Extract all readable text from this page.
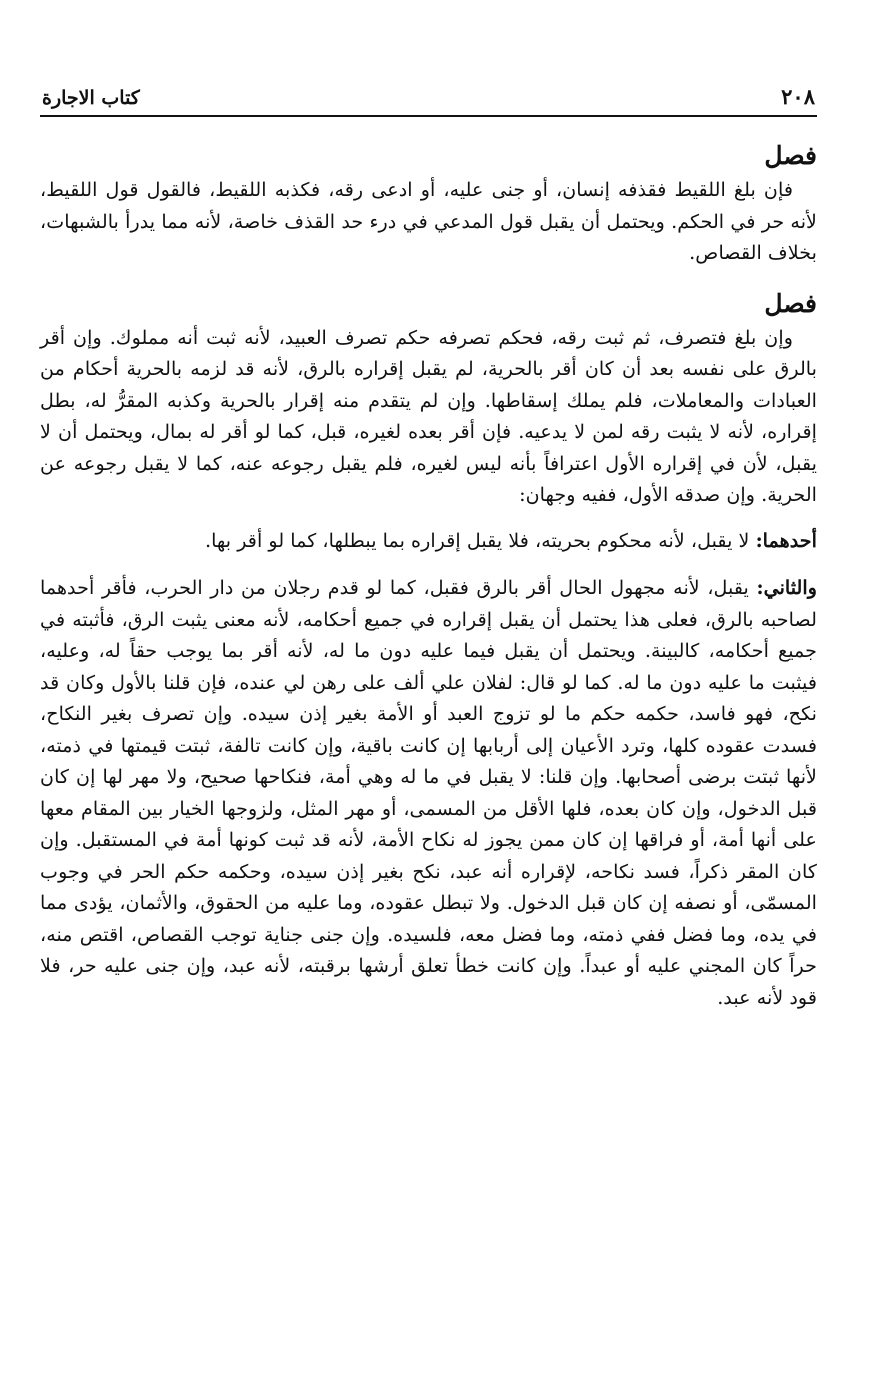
٢٠٨
كتاب الاجارة
فصل

فإن بلغ اللقيط فقذفه إنسان، أو جنى عليه، أو ادعى رقه، فكذبه اللقيط، فالقول قول اللقيط، لأنه حر في الحكم. ويحتمل أن يقبل قول المدعي في درء حد القذف خاصة، لأنه مما يدرأ بالشبهات، بخلاف القصاص.

فصل

وإن بلغ فتصرف، ثم ثبت رقه، فحكم تصرفه حكم تصرف العبيد، لأنه ثبت أنه مملوك. وإن أقر بالرق على نفسه بعد أن كان أقر بالحرية، لم يقبل إقراره بالرق، لأنه قد لزمه بالحرية أحكام من العبادات والمعاملات، فلم يملك إسقاطها. وإن لم يتقدم منه إقرار بالحرية وكذبه المقرُّ له، بطل إقراره، لأنه لا يثبت رقه لمن لا يدعيه. فإن أقر بعده لغيره، قبل، كما لو أقر له بمال، ويحتمل أن لا يقبل، لأن في إقراره الأول اعترافاً بأنه ليس لغيره، فلم يقبل رجوعه عنه، كما لا يقبل رجوعه عن الحرية. وإن صدقه الأول، ففيه وجهان:

أحدهما: لا يقبل، لأنه محكوم بحريته، فلا يقبل إقراره بما يبطلها، كما لو أقر بها.

والثاني: يقبل، لأنه مجهول الحال أقر بالرق فقبل، كما لو قدم رجلان من دار الحرب، فأقر أحدهما لصاحبه بالرق، فعلى هذا يحتمل أن يقبل إقراره في جميع أحكامه، لأنه معنى يثبت الرق، فأثبته في جميع أحكامه، كالبينة. ويحتمل أن يقبل فيما عليه دون ما له، لأنه أقر بما يوجب حقاً له، وعليه، فيثبت ما عليه دون ما له. كما لو قال: لفلان علي ألف على رهن لي عنده، فإن قلنا بالأول وكان قد نكح، فهو فاسد، حكمه حكم ما لو تزوج العبد أو الأمة بغير إذن سيده. وإن تصرف بغير النكاح، فسدت عقوده كلها، وترد الأعيان إلى أربابها إن كانت باقية، وإن كانت تالفة، ثبتت قيمتها في ذمته، لأنها ثبتت برضى أصحابها. وإن قلنا: لا يقبل في ما له وهي أمة، فنكاحها صحيح، ولا مهر لها إن كان قبل الدخول، وإن كان بعده، فلها الأقل من المسمى، أو مهر المثل، ولزوجها الخيار بين المقام معها على أنها أمة، أو فراقها إن كان ممن يجوز له نكاح الأمة، لأنه قد ثبت كونها أمة في المستقبل. وإن كان المقر ذكراً، فسد نكاحه، لإقراره أنه عبد، نكح بغير إذن سيده، وحكمه حكم الحر في وجوب المسمّى، أو نصفه إن كان قبل الدخول. ولا تبطل عقوده، وما عليه من الحقوق، والأثمان، يؤدى مما في يده، وما فضل ففي ذمته، وما فضل معه، فلسيده. وإن جنى جناية توجب القصاص، اقتص منه، حراً كان المجني عليه أو عبداً. وإن كانت خطأ تعلق أرشها برقبته، لأنه عبد، وإن جنى عليه حر، فلا قود لأنه عبد.
